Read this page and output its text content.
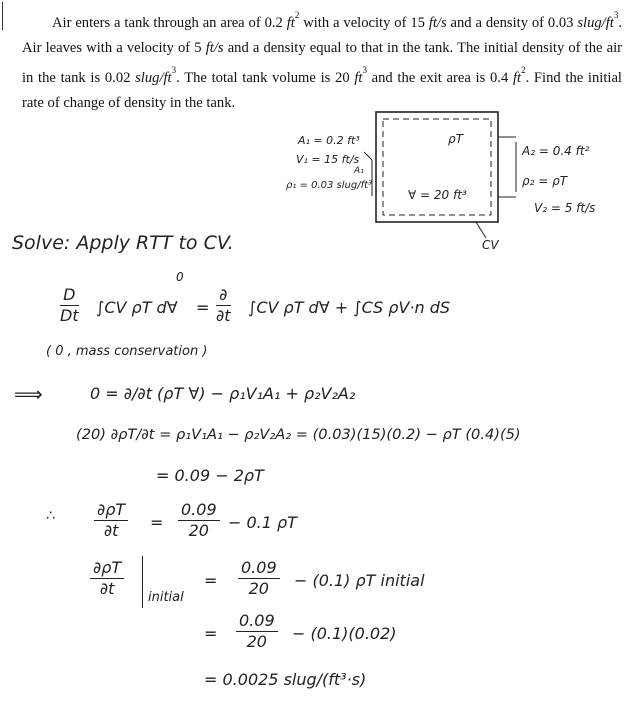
Air enters a tank through an area of 0.2 $ft^2$ with a velocity of 15 ft/s and a density of 0.03 slug/$ft^3$. Air leaves with a velocity of 5 ft/s and a density equal to that in the tank. The initial density of the air in the tank is 0.02 slug/$ft^3$. The total tank volume is 20 $ft^3$ and the exit area is 0.4 $ft^2$. Find the initial rate of change of density in the tank.

A₁ = 0.2 ft³
V₁ = 15 ft/s
A₁
ρ₁ = 0.03 slug/ft³
ρT
∀ = 20 ft³
A₂ = 0.4 ft²
ρ₂ = ρT
V₂ = 5 ft/s
CV
Solve: Apply RTT to CV.
0
$\frac{D}{Dt} \int CV$ ρT d∀ =
∂
∂t ∫CV ρT d∀ + ∫CS ρV·n dS
( 0 , mass conservation )
⟹	0 = ∂/∂t (ρT ∀) − ρ₁V₁A₁ + ρ₂V₂A₂
(20) ∂ρT/∂t = ρ₁V₁A₁ − ρ₂V₂A₂ = (0.03)(15)(0.2) − ρT (0.4)(5)
= 0.09 − 2ρT
∴ $\frac{\partial\rho T}{\partial t} = \frac{0.09}{20} - 0.1$ ρT
$\frac{\partial\rho T}{\partial t}$ initial
= $\frac{0.09}{20} - (0.1)$ ρT initial
= $\frac{0.09}{20} - (0.1)(0.02)$
= 0.0025 slug/(ft³·s)
